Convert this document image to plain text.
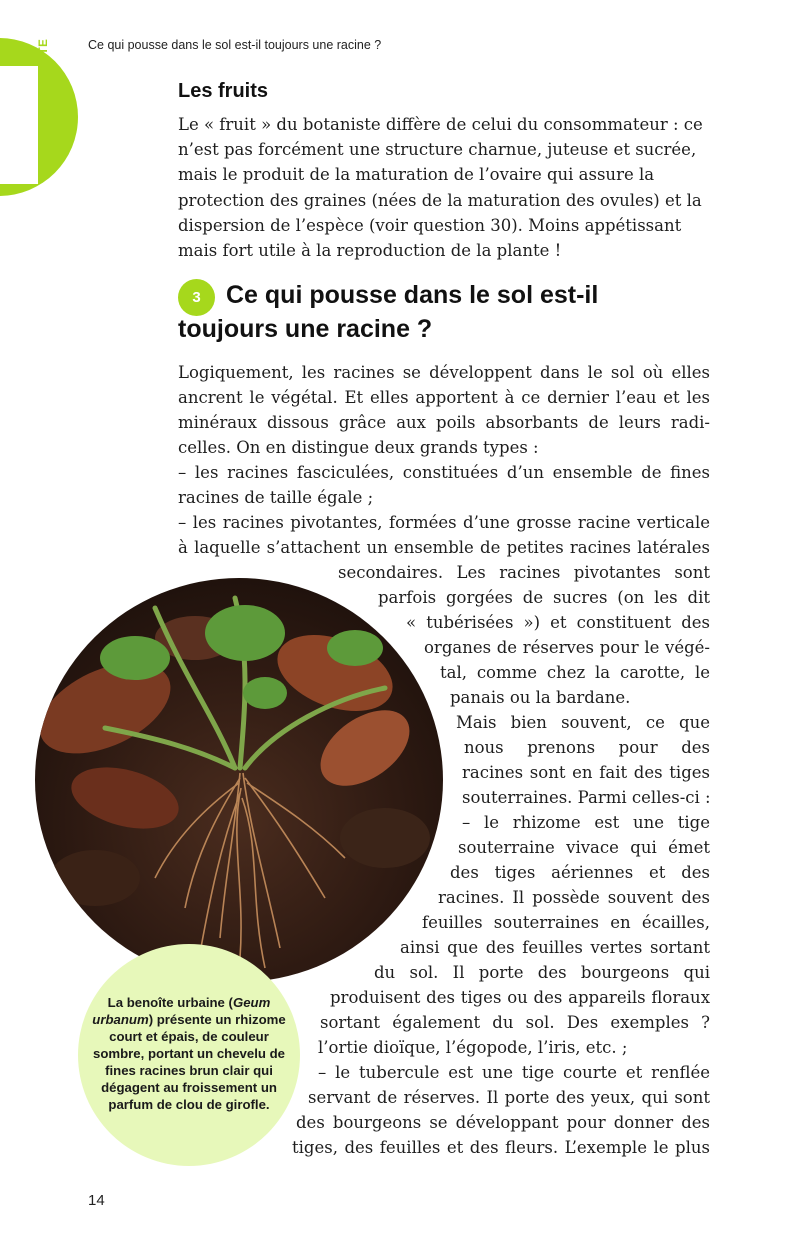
Ce qui pousse dans le sol est-il toujours une racine ?
LA PLANTE	Les fruits
Le « fruit » du botaniste diffère de celui du consommateur : ce
n’est pas forcément une structure charnue, juteuse et sucrée,
mais le produit de la maturation de l’ovaire qui assure la
protection des graines (nées de la maturation des ovules) et la
dispersion de l’espèce (voir question 30). Moins appétissant
mais fort utile à la reproduction de la plante !
3	Ce qui pousse dans le sol est-il
toujours une racine ?
Logiquement, les racines se développent dans le sol où elles
ancrent le végétal. Et elles apportent à ce dernier l’eau et les
minéraux dissous grâce aux poils absorbants de leurs radi-
celles. On en distingue deux grands types :
– les racines fasciculées, constituées d’un ensemble de fines
racines de taille égale ;
– les racines pivotantes, formées d’une grosse racine verticale
à laquelle s’attachent un ensemble de petites racines latérales
secondaires. Les racines pivotantes sont
parfois gorgées de sucres (on les dit
« tubérisées ») et constituent des
organes de réserves pour le végé-
tal, comme chez la carotte, le
panais ou la bardane.
Mais bien souvent, ce que
nous prenons pour des
racines sont en fait des tiges
souterraines. Parmi celles-ci :
– le rhizome est une tige
souterraine vivace qui émet
des tiges aériennes et des
racines. Il possède souvent des
feuilles souterraines en écailles,
ainsi que des feuilles vertes sortant
du sol. Il porte des bourgeons qui
produisent des tiges ou des appareils floraux
sortant également du sol. Des exemples ?
l’ortie dioïque, l’égopode, l’iris, etc. ;
– le tubercule est une tige courte et renflée
servant de réserves. Il porte des yeux, qui sont
des bourgeons se développant pour donner des
tiges, des feuilles et des fleurs. L’exemple le plus
La benoîte urbaine (Geum urbanum) présente un rhizome court et épais, de couleur sombre, portant un chevelu de fines racines brun clair qui dégagent au froissement un parfum de clou de girofle.
14
